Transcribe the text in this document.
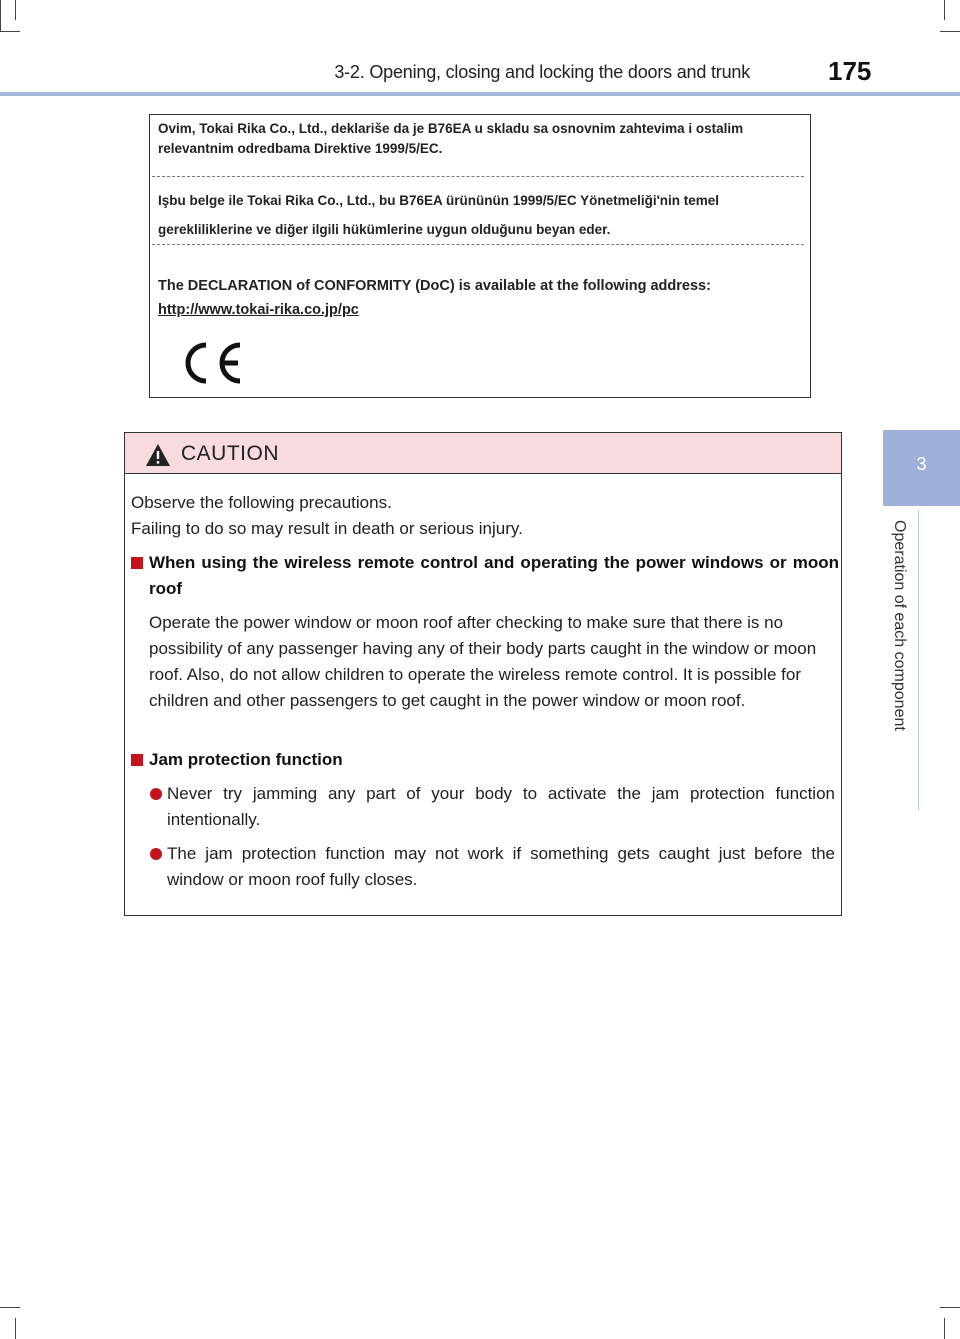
3-2. Opening, closing and locking the doors and trunk	175
3
Operation of each component
Ovim, Tokai Rika Co., Ltd., deklariše da je B76EA u skladu sa osnovnim zahtevima i ostalim
relevantnim odredbama Direktive 1999/5/EC.
Işbu belge ile Tokai Rika Co., Ltd., bu B76EA ürününün 1999/5/EC Yönetmeliği'nin temel
gerekliliklerine ve diğer ilgili hükümlerine uygun olduğunu beyan eder.
The DECLARATION of CONFORMITY (DoC) is available at the following address:
http://www.tokai-rika.co.jp/pc
CAUTION
Observe the following precautions.
Failing to do so may result in death or serious injury.
When using the wireless remote control and operating the power windows or moon roof
Operate the power window or moon roof after checking to make sure that there is no possibility of any passenger having any of their body parts caught in the window or moon roof. Also, do not allow children to operate the wireless remote control. It is possible for children and other passengers to get caught in the power window or moon roof.
Jam protection function
Never try jamming any part of your body to activate the jam protection function intentionally.
The jam protection function may not work if something gets caught just before the window or moon roof fully closes.
